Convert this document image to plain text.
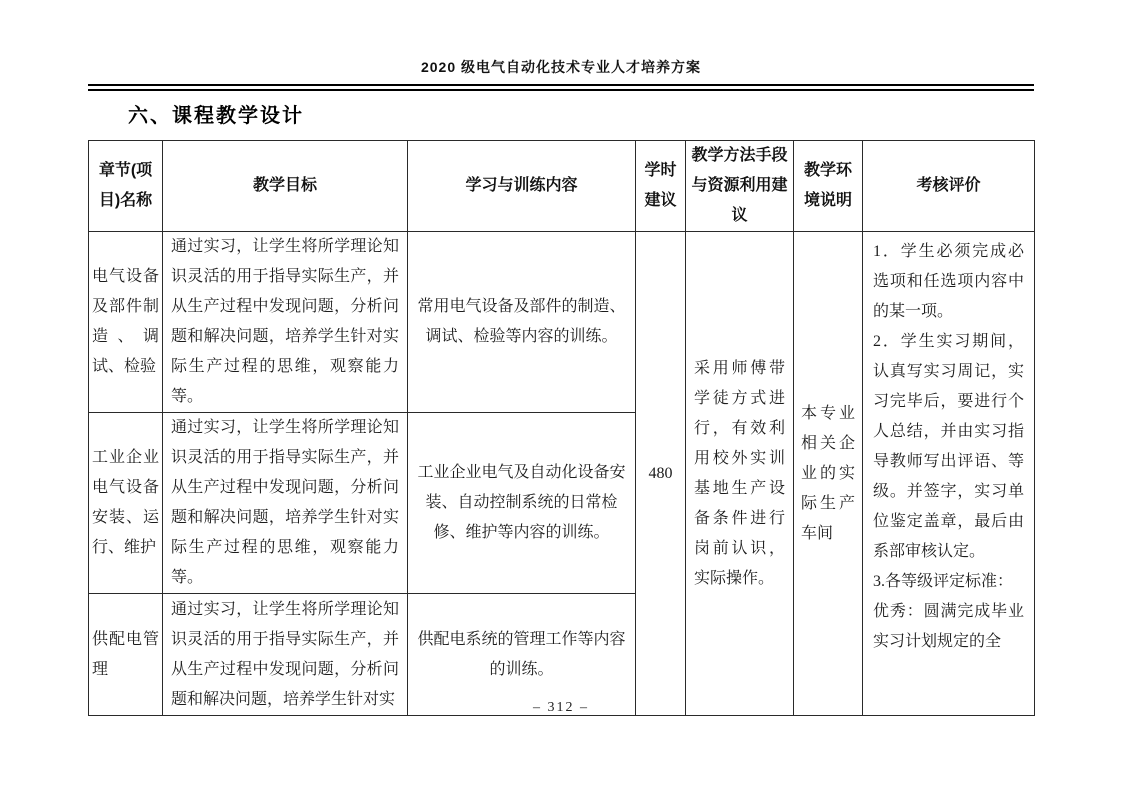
2020 级电气自动化技术专业人才培养方案
六、课程教学设计
章节(项目)名称	教学目标	学习与训练内容	学时建议	教学方法手段与资源利用建议	教学环境说明	考核评价
电气设备及部件制造、调试、检验	通过实习，让学生将所学理论知识灵活的用于指导实际生产，并从生产过程中发现问题，分析问题和解决问题，培养学生针对实际生产过程的思维，观察能力等。	常用电气设备及部件的制造、调试、检验等内容的训练。	480	采用师傅带学徒方式进行，有效利用校外实训基地生产设备条件进行岗前认识，实际操作。	本专业相关企业的实际生产车间	1．学生必须完成必选项和任选项内容中的某一项。

2．学生实习期间，认真写实习周记，实习完毕后，要进行个人总结，并由实习指导教师写出评语、等级。并签字，实习单位鉴定盖章，最后由系部审核认定。

3.各等级评定标准：

优秀：圆满完成毕业实习计划规定的全

工业企业电气设备安装、运行、维护	通过实习，让学生将所学理论知识灵活的用于指导实际生产，并从生产过程中发现问题，分析问题和解决问题，培养学生针对实际生产过程的思维，观察能力等。	工业企业电气及自动化设备安装、自动控制系统的日常检修、维护等内容的训练。				
供配电管理	通过实习，让学生将所学理论知识灵活的用于指导实际生产，并从生产过程中发现问题，分析问题和解决问题，培养学生针对实	供配电系统的管理工作等内容的训练。				
– 312 –
